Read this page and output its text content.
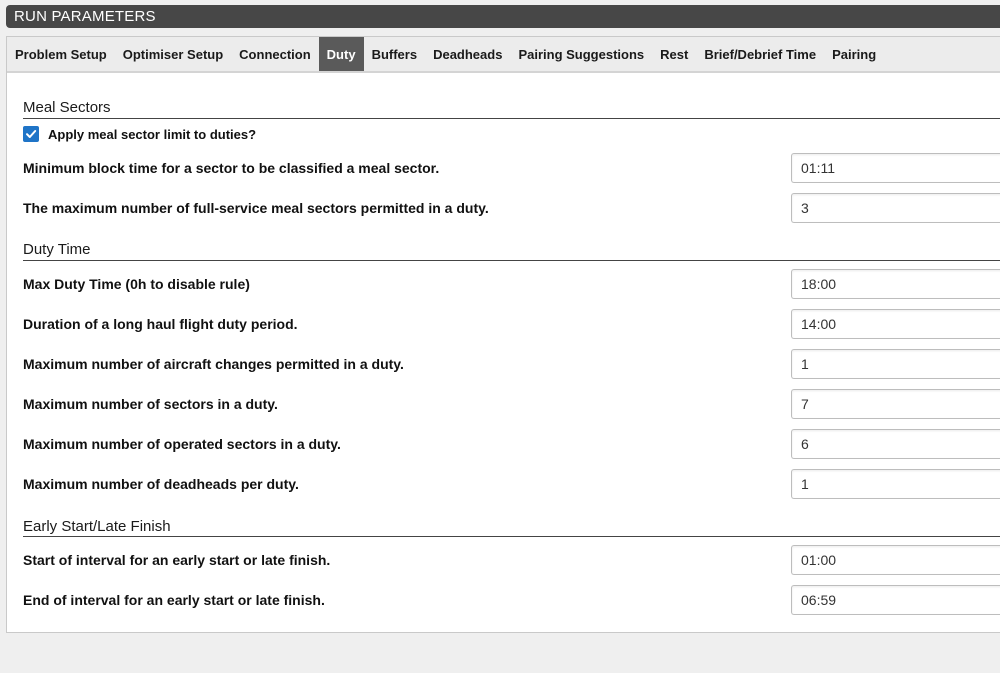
RUN PARAMETERS
Problem Setup	Optimiser Setup	Connection	Duty	Buffers	Deadheads	Pairing Suggestions	Rest	Brief/Debrief Time	Pairing
Meal Sectors
Apply meal sector limit to duties?
Minimum block time for a sector to be classified a meal sector.
01:11
The maximum number of full-service meal sectors permitted in a duty.
3
Duty Time
Max Duty Time (0h to disable rule)
18:00
Duration of a long haul flight duty period.
14:00
Maximum number of aircraft changes permitted in a duty.
1
Maximum number of sectors in a duty.
7
Maximum number of operated sectors in a duty.
6
Maximum number of deadheads per duty.
1
Early Start/Late Finish
Start of interval for an early start or late finish.
01:00
End of interval for an early start or late finish.
06:59
